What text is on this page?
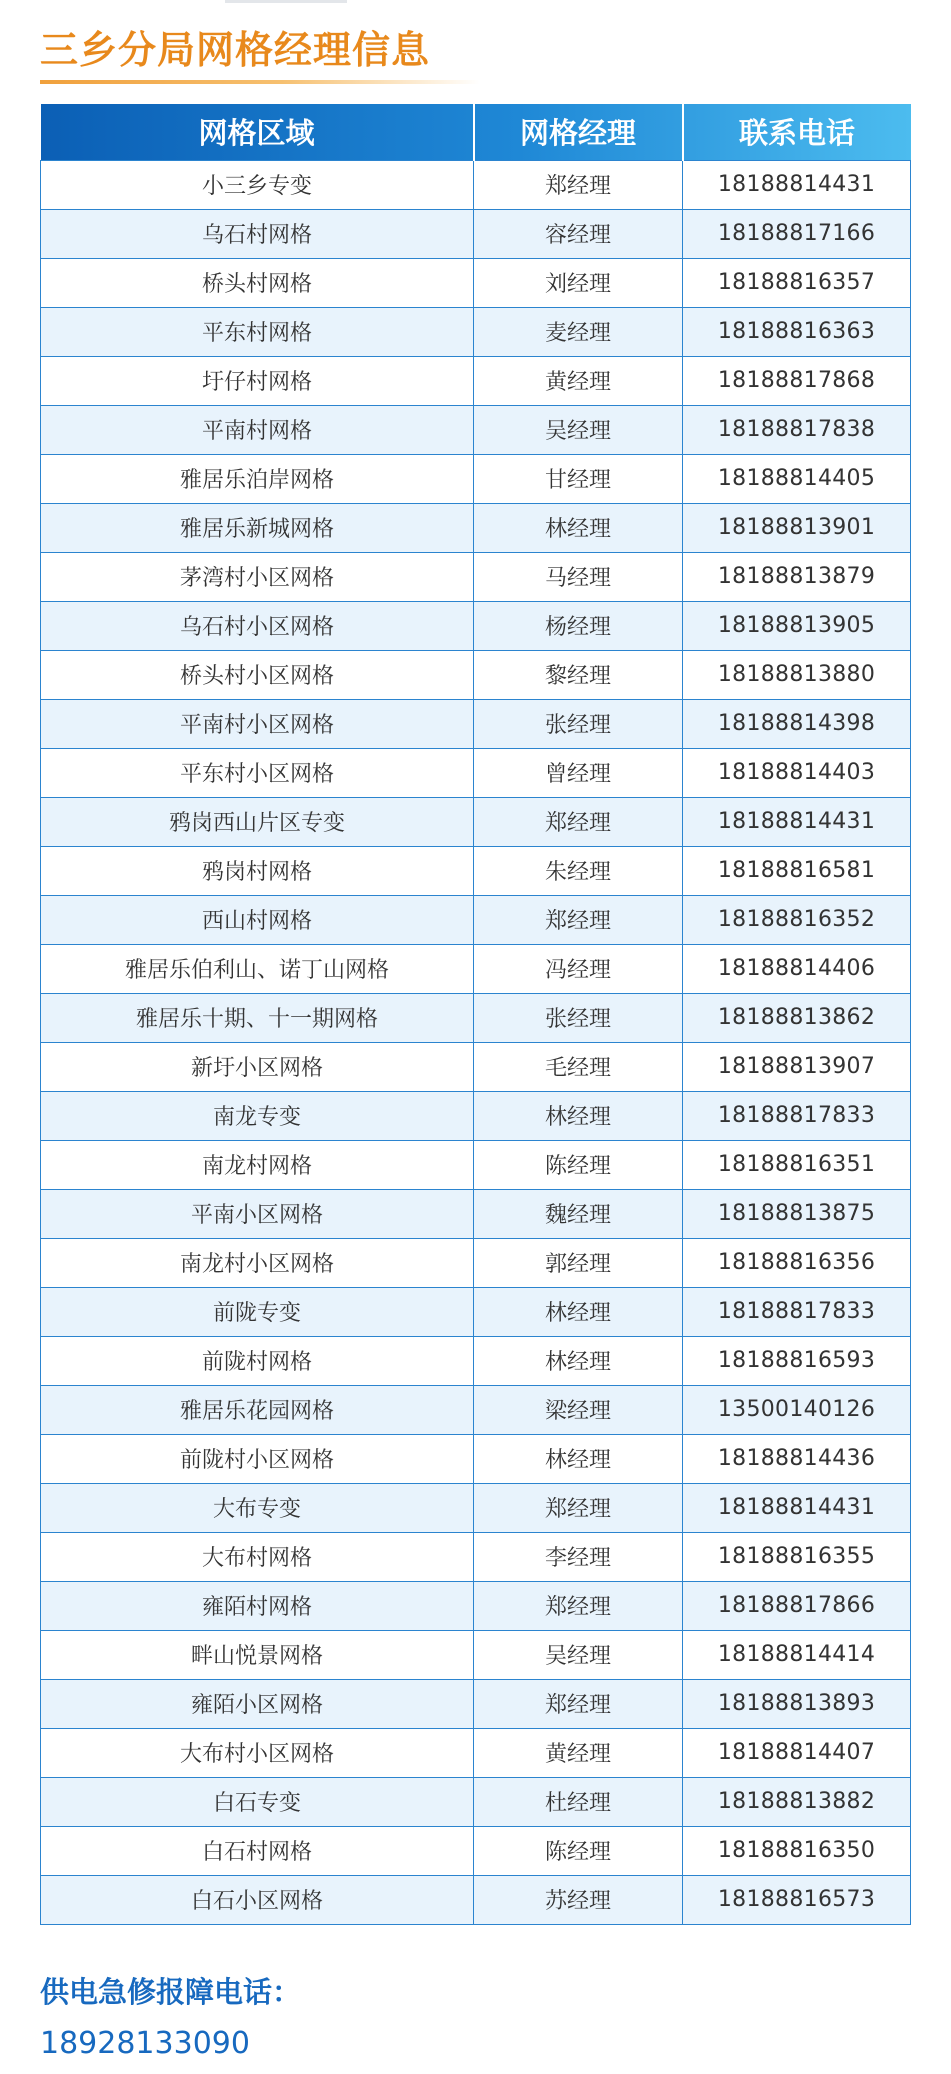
三乡分局网格经理信息
网格区域	网格经理	联系电话
小三乡专变	郑经理	18188814431
乌石村网格	容经理	18188817166
桥头村网格	刘经理	18188816357
平东村网格	麦经理	18188816363
圩仔村网格	黄经理	18188817868
平南村网格	吴经理	18188817838
雅居乐泊岸网格	甘经理	18188814405
雅居乐新城网格	林经理	18188813901
茅湾村小区网格	马经理	18188813879
乌石村小区网格	杨经理	18188813905
桥头村小区网格	黎经理	18188813880
平南村小区网格	张经理	18188814398
平东村小区网格	曾经理	18188814403
鸦岗西山片区专变	郑经理	18188814431
鸦岗村网格	朱经理	18188816581
西山村网格	郑经理	18188816352
雅居乐伯利山、诺丁山网格	冯经理	18188814406
雅居乐十期、十一期网格	张经理	18188813862
新圩小区网格	毛经理	18188813907
南龙专变	林经理	18188817833
南龙村网格	陈经理	18188816351
平南小区网格	魏经理	18188813875
南龙村小区网格	郭经理	18188816356
前陇专变	林经理	18188817833
前陇村网格	林经理	18188816593
雅居乐花园网格	梁经理	13500140126
前陇村小区网格	林经理	18188814436
大布专变	郑经理	18188814431
大布村网格	李经理	18188816355
雍陌村网格	郑经理	18188817866
畔山悦景网格	吴经理	18188814414
雍陌小区网格	郑经理	18188813893
大布村小区网格	黄经理	18188814407
白石专变	杜经理	18188813882
白石村网格	陈经理	18188816350
白石小区网格	苏经理	18188816573
供电急修报障电话：
18928133090
